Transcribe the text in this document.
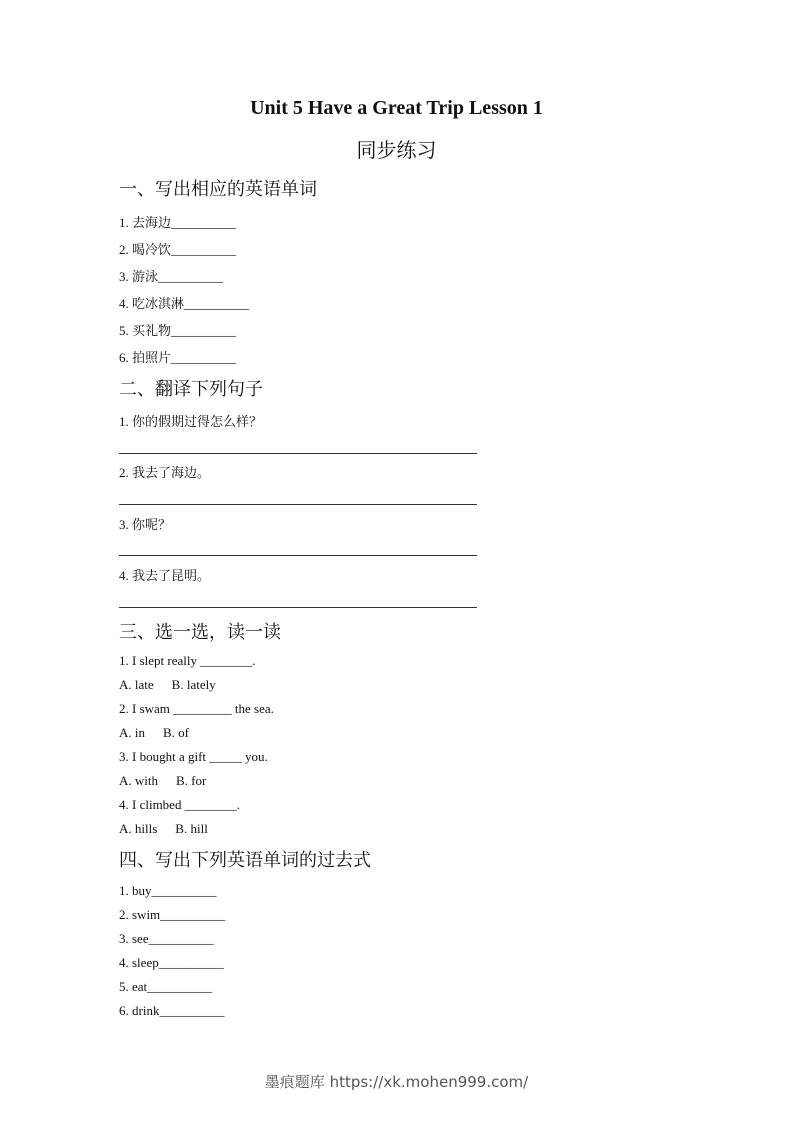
Unit 5 Have a Great Trip Lesson 1
同步练习
一、写出相应的英语单词
1. 去海边__________
2. 喝冷饮__________
3. 游泳__________
4. 吃冰淇淋__________
5. 买礼物__________
6. 拍照片__________
二、翻译下列句子
1. 你的假期过得怎么样？
2. 我去了海边。
3. 你呢？
4. 我去了昆明。
三、选一选，读一读
1. I slept really ________.
A. late B. lately
2. I swam _________ the sea.
A. in B. of
3. I bought a gift _____ you.
A. with B. for
4. I climbed ________.
A. hills B. hill
四、写出下列英语单词的过去式
1. buy__________
2. swim__________
3. see__________
4. sleep__________
5. eat__________
6. drink__________
墨痕题库 https://xk.mohen999.com/
